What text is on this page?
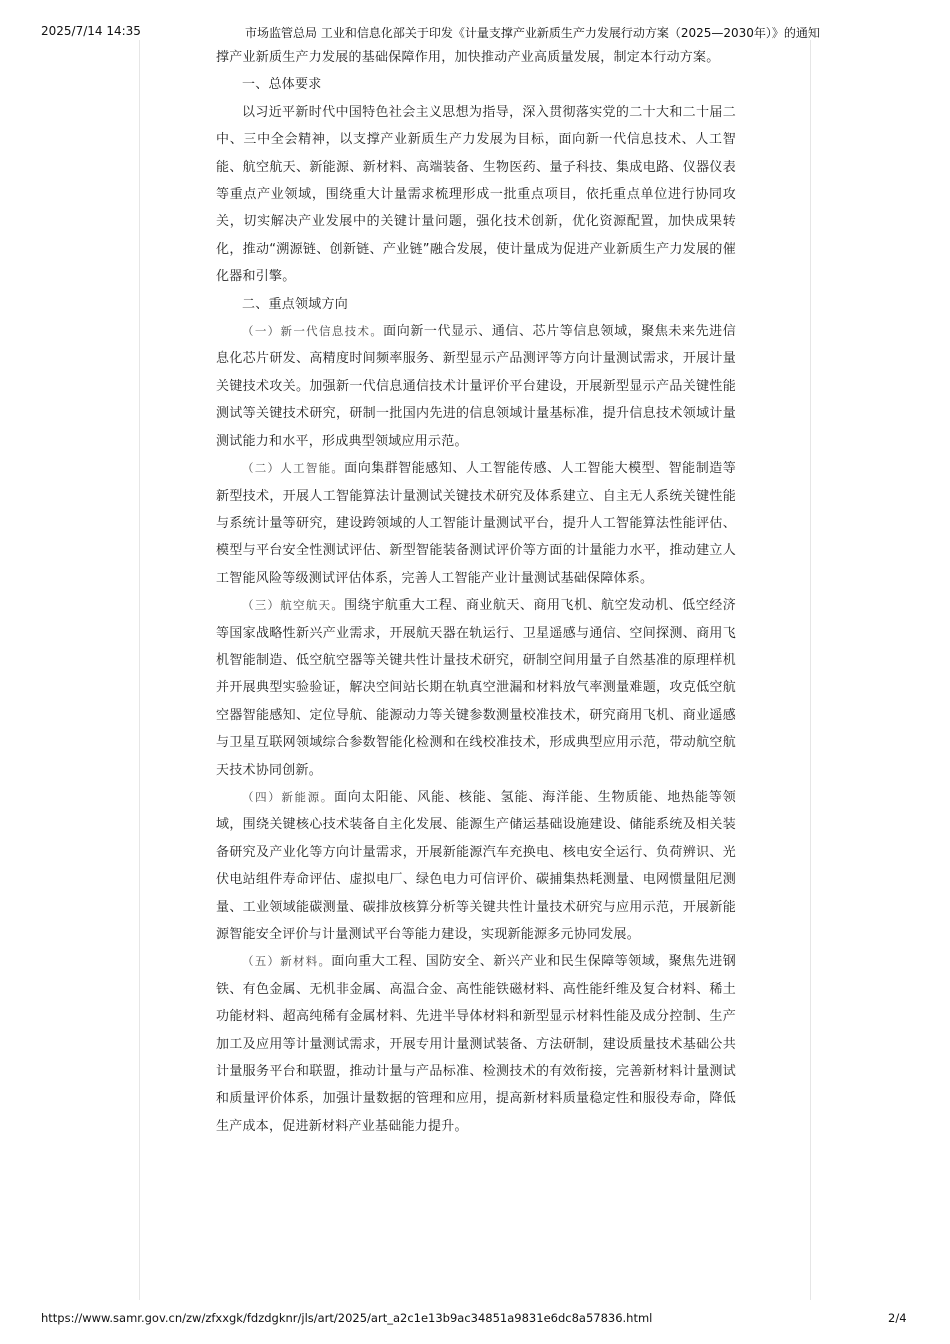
2025/7/14 14:35	市场监管总局 工业和信息化部关于印发《计量支撑产业新质生产力发展行动方案（2025—2030年）》的通知

撑产业新质生产力发展的基础保障作用，加快推动产业高质量发展，制定本行动方案。

一、总体要求

以习近平新时代中国特色社会主义思想为指导，深入贯彻落实党的二十大和二十届二中、三中全会精神，以支撑产业新质生产力发展为目标，面向新一代信息技术、人工智能、航空航天、新能源、新材料、高端装备、生物医药、量子科技、集成电路、仪器仪表等重点产业领域，围绕重大计量需求梳理形成一批重点项目，依托重点单位进行协同攻关，切实解决产业发展中的关键计量问题，强化技术创新，优化资源配置，加快成果转化，推动“溯源链、创新链、产业链”融合发展，使计量成为促进产业新质生产力发展的催化器和引擎。

二、重点领域方向

（一）新一代信息技术。面向新一代显示、通信、芯片等信息领域，聚焦未来先进信息化芯片研发、高精度时间频率服务、新型显示产品测评等方向计量测试需求，开展计量关键技术攻关。加强新一代信息通信技术计量评价平台建设，开展新型显示产品关键性能测试等关键技术研究，研制一批国内先进的信息领域计量基标准，提升信息技术领域计量测试能力和水平，形成典型领域应用示范。

（二）人工智能。面向集群智能感知、人工智能传感、人工智能大模型、智能制造等新型技术，开展人工智能算法计量测试关键技术研究及体系建立、自主无人系统关键性能与系统计量等研究，建设跨领域的人工智能计量测试平台，提升人工智能算法性能评估、模型与平台安全性测试评估、新型智能装备测试评价等方面的计量能力水平，推动建立人工智能风险等级测试评估体系，完善人工智能产业计量测试基础保障体系。

（三）航空航天。围绕宇航重大工程、商业航天、商用飞机、航空发动机、低空经济等国家战略性新兴产业需求，开展航天器在轨运行、卫星遥感与通信、空间探测、商用飞机智能制造、低空航空器等关键共性计量技术研究，研制空间用量子自然基准的原理样机并开展典型实验验证，解决空间站长期在轨真空泄漏和材料放气率测量难题，攻克低空航空器智能感知、定位导航、能源动力等关键参数测量校准技术，研究商用飞机、商业遥感与卫星互联网领域综合参数智能化检测和在线校准技术，形成典型应用示范，带动航空航天技术协同创新。

（四）新能源。面向太阳能、风能、核能、氢能、海洋能、生物质能、地热能等领域，围绕关键核心技术装备自主化发展、能源生产储运基础设施建设、储能系统及相关装备研究及产业化等方向计量需求，开展新能源汽车充换电、核电安全运行、负荷辨识、光伏电站组件寿命评估、虚拟电厂、绿色电力可信评价、碳捕集热耗测量、电网惯量阻尼测量、工业领域能碳测量、碳排放核算分析等关键共性计量技术研究与应用示范，开展新能源智能安全评价与计量测试平台等能力建设，实现新能源多元协同发展。

（五）新材料。面向重大工程、国防安全、新兴产业和民生保障等领域，聚焦先进钢铁、有色金属、无机非金属、高温合金、高性能铁磁材料、高性能纤维及复合材料、稀土功能材料、超高纯稀有金属材料、先进半导体材料和新型显示材料性能及成分控制、生产加工及应用等计量测试需求，开展专用计量测试装备、方法研制，建设质量技术基础公共计量服务平台和联盟，推动计量与产品标准、检测技术的有效衔接，完善新材料计量测试和质量评价体系，加强计量数据的管理和应用，提高新材料质量稳定性和服役寿命，降低生产成本，促进新材料产业基础能力提升。

https://www.samr.gov.cn/zw/zfxxgk/fdzdgknr/jls/art/2025/art_a2c1e13b9ac34851a9831e6dc8a57836.html	2/4
